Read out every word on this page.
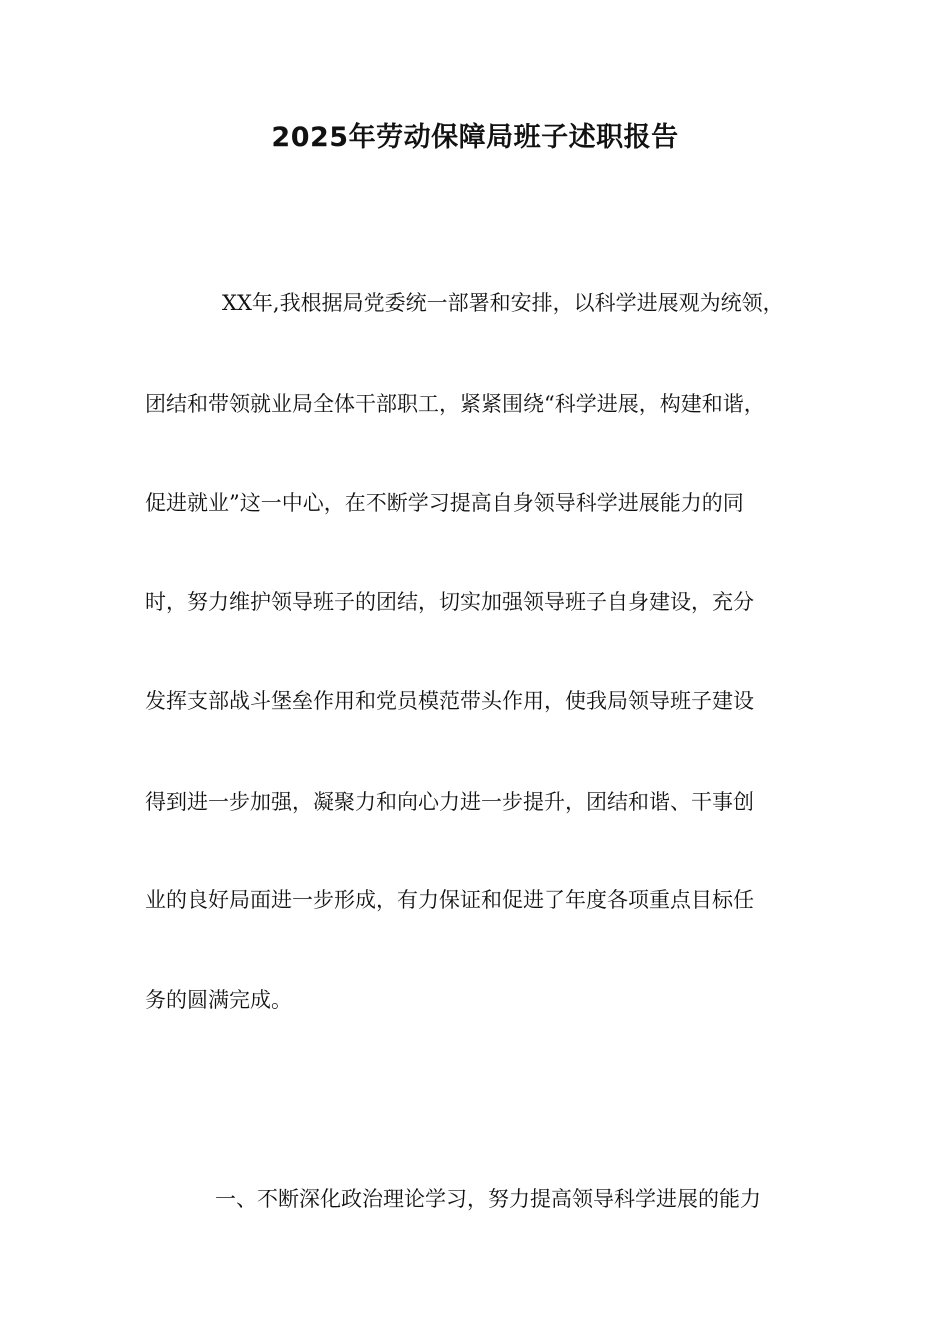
2025年劳动保障局班子述职报告

XX年,我根据局党委统一部署和安排，以科学进展观为统领，

团结和带领就业局全体干部职工，紧紧围绕“科学进展，构建和谐，

促进就业”这一中心，在不断学习提高自身领导科学进展能力的同

时，努力维护领导班子的团结，切实加强领导班子自身建设，充分

发挥支部战斗堡垒作用和党员模范带头作用，使我局领导班子建设

得到进一步加强，凝聚力和向心力进一步提升，团结和谐、干事创

业的良好局面进一步形成，有力保证和促进了年度各项重点目标任

务的圆满完成。

一、不断深化政治理论学习，努力提高领导科学进展的能力
